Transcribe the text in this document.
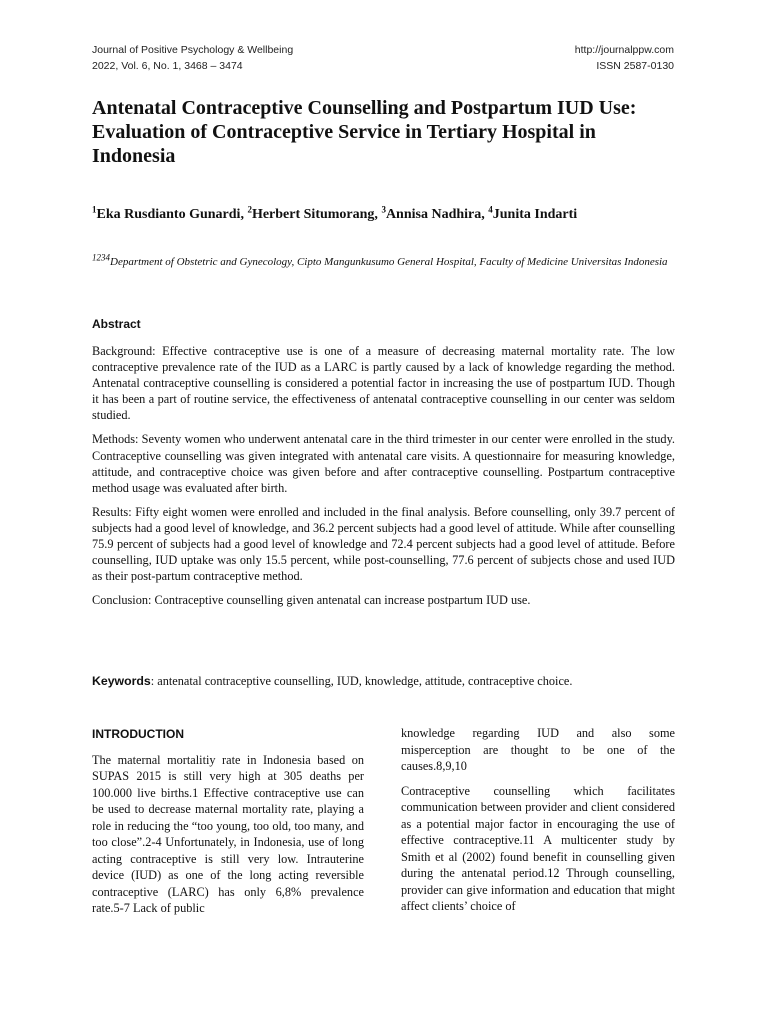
Journal of Positive Psychology & Wellbeing	http://journalppw.com
2022, Vol. 6, No. 1, 3468 – 3474	ISSN 2587-0130
Antenatal Contraceptive Counselling and Postpartum IUD Use: Evaluation of Contraceptive Service in Tertiary Hospital in Indonesia
$^1$Eka Rusdianto Gunardi, $^2$Herbert Situmorang, $^3$Annisa Nadhira, $^4$Junita Indarti
$^{1234}$Department of Obstetric and Gynecology, Cipto Mangunkusumo General Hospital, Faculty of Medicine Universitas Indonesia
Abstract

Background: Effective contraceptive use is one of a measure of decreasing maternal mortality rate. The low contraceptive prevalence rate of the IUD as a LARC is partly caused by a lack of knowledge regarding the method. Antenatal contraceptive counselling is considered a potential factor in increasing the use of postpartum IUD. Though it has been a part of routine service, the effectiveness of antenatal contraceptive counselling in our center was seldom studied.

Methods: Seventy women who underwent antenatal care in the third trimester in our center were enrolled in the study. Contraceptive counselling was given integrated with antenatal care visits. A questionnaire for measuring knowledge, attitude, and contraceptive choice was given before and after contraceptive counselling. Postpartum contraceptive method usage was evaluated after birth.

Results: Fifty eight women were enrolled and included in the final analysis. Before counselling, only 39.7 percent of subjects had a good level of knowledge, and 36.2 percent subjects had a good level of attitude. While after counselling 75.9 percent of subjects had a good level of knowledge and 72.4 percent subjects had a good level of attitude. Before counselling, IUD uptake was only 15.5 percent, while post-counselling, 77.6 percent of subjects chose and used IUD as their post-partum contraceptive method.

Conclusion: Contraceptive counselling given antenatal can increase postpartum IUD use.

Keywords: antenatal contraceptive counselling, IUD, knowledge, attitude, contraceptive choice.
INTRODUCTION

The maternal mortalitiy rate in Indonesia based on SUPAS 2015 is still very high at 305 deaths per 100.000 live births.1 Effective contraceptive use can be used to decrease maternal mortality rate, playing a role in reducing the “too young, too old, too many, and too close”.2-4 Unfortunately, in Indonesia, use of long acting contraceptive is still very low. Intrauterine device (IUD) as one of the long acting reversible contraceptive (LARC) has only 6,8% prevalence rate.5-7 Lack of public

knowledge regarding IUD and also some misperception are thought to be one of the causes.8,9,10

Contraceptive counselling which facilitates communication between provider and client considered as a potential major factor in encouraging the use of effective contraceptive.11 A multicenter study by Smith et al (2002) found benefit in counselling given during the antenatal period.12 Through counselling, provider can give information and education that might affect clients’ choice of
